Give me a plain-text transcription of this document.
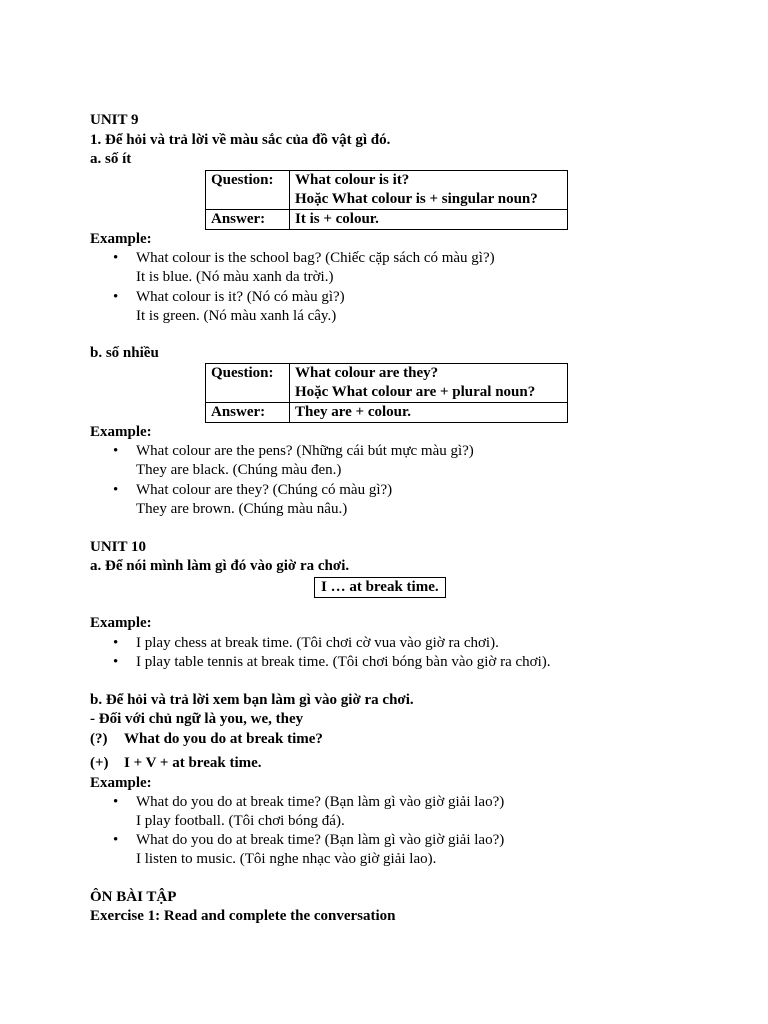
UNIT 9
1. Để hỏi và trả lời về màu sắc của đồ vật gì đó.
a. số ít
Question:	What colour is it?
Hoặc What colour is + singular noun?

Answer:	It is + colour.
Example:
• What colour is the school bag? (Chiếc cặp sách có màu gì?)
It is blue. (Nó màu xanh da trời.)
• What colour is it? (Nó có màu gì?)
It is green. (Nó màu xanh lá cây.)
b. số nhiều
Question:	What colour are they?
Hoặc What colour are + plural noun?

Answer:	They are + colour.
Example:
• What colour are the pens? (Những cái bút mực màu gì?)
They are black. (Chúng màu đen.)
• What colour are they? (Chúng có màu gì?)
They are brown. (Chúng màu nâu.)
UNIT 10
a. Để nói mình làm gì đó vào giờ ra chơi.
I … at break time.
Example:
• I play chess at break time. (Tôi chơi cờ vua vào giờ ra chơi).
• I play table tennis at break time. (Tôi chơi bóng bàn vào giờ ra chơi).
b. Để hỏi và trả lời xem bạn làm gì vào giờ ra chơi.
- Đối với chủ ngữ là you, we, they
(?) What do you do at break time?
(+) I + V + at break time.
Example:
• What do you do at break time? (Bạn làm gì vào giờ giải lao?)
I play football. (Tôi chơi bóng đá).
• What do you do at break time? (Bạn làm gì vào giờ giải lao?)
I listen to music. (Tôi nghe nhạc vào giờ giải lao).
ÔN BÀI TẬP
Exercise 1: Read and complete the conversation
